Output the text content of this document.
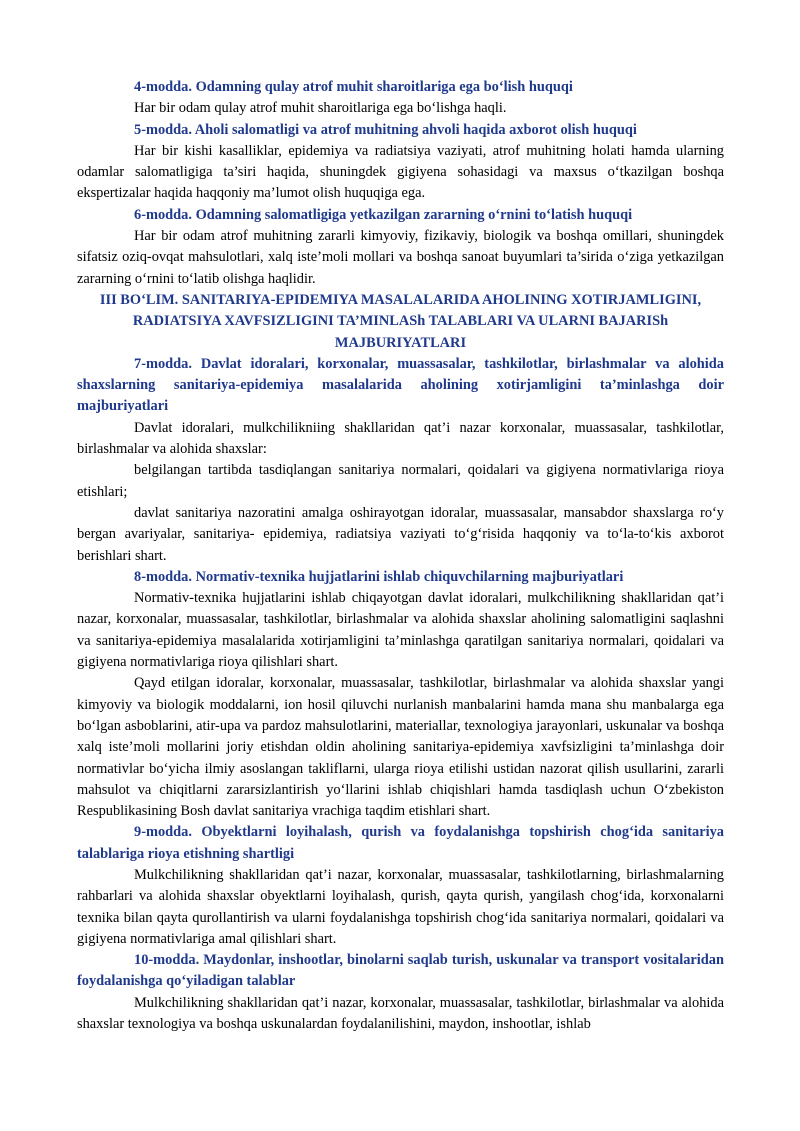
4-modda. Odamning qulay atrof muhit sharoitlariga ega bo‘lish huquqi

Har bir odam qulay atrof muhit sharoitlariga ega bo‘lishga haqli.

5-modda. Aholi salomatligi va atrof muhitning ahvoli haqida axborot olish huquqi

Har bir kishi kasalliklar, epidemiya va radiatsiya vaziyati, atrof muhitning holati hamda ularning odamlar salomatligiga ta’siri haqida, shuningdek gigiyena sohasidagi va maxsus o‘tkazilgan boshqa ekspertizalar haqida haqqoniy ma’lumot olish huquqiga ega.

6-modda. Odamning salomatligiga yetkazilgan zararning o‘rnini to‘latish huquqi

Har bir odam atrof muhitning zararli kimyoviy, fizikaviy, biologik va boshqa omillari, shuningdek sifatsiz oziq-ovqat mahsulotlari, xalq iste’moli mollari va boshqa sanoat buyumlari ta’sirida o‘ziga yetkazilgan zararning o‘rnini to‘latib olishga haqlidir.

III BO‘LIM. SANITARIYA-EPIDEMIYA MASALALARIDA AHOLINING XOTIRJAMLIGINI, RADIATSIYA XAVFSIZLIGINI TA’MINLASh TALABLARI VA ULARNI BAJARISh MAJBURIYATLARI

7-modda. Davlat idoralari, korxonalar, muassasalar, tashkilotlar, birlashmalar va alohida shaxslarning sanitariya-epidemiya masalalarida aholining xotirjamligini ta’minlashga doir majburiyatlari

Davlat idoralari, mulkchilikniing shakllaridan qat’i nazar korxonalar, muassasalar, tashkilotlar, birlashmalar va alohida shaxslar:

belgilangan tartibda tasdiqlangan sanitariya normalari, qoidalari va gigiyena normativlariga rioya etishlari;

davlat sanitariya nazoratini amalga oshirayotgan idoralar, muassasalar, mansabdor shaxslarga ro‘y bergan avariyalar, sanitariya- epidemiya, radiatsiya vaziyati to‘g‘risida haqqoniy va to‘la-to‘kis axborot berishlari shart.

8-modda. Normativ-texnika hujjatlarini ishlab chiquvchilarning majburiyatlari

Normativ-texnika hujjatlarini ishlab chiqayotgan davlat idoralari, mulkchilikning shakllaridan qat’i nazar, korxonalar, muassasalar, tashkilotlar, birlashmalar va alohida shaxslar aholining salomatligini saqlashni va sanitariya-epidemiya masalalarida xotirjamligini ta’minlashga qaratilgan sanitariya normalari, qoidalari va gigiyena normativlariga rioya qilishlari shart.

Qayd etilgan idoralar, korxonalar, muassasalar, tashkilotlar, birlashmalar va alohida shaxslar yangi kimyoviy va biologik moddalarni, ion hosil qiluvchi nurlanish manbalarini hamda mana shu manbalarga ega bo‘lgan asboblarini, atir-upa va pardoz mahsulotlarini, materiallar, texnologiya jarayonlari, uskunalar va boshqa xalq iste’moli mollarini joriy etishdan oldin aholining sanitariya-epidemiya xavfsizligini ta’minlashga doir normativlar bo‘yicha ilmiy asoslangan takliflarni, ularga rioya etilishi ustidan nazorat qilish usullarini, zararli mahsulot va chiqitlarni zararsizlantirish yo‘llarini ishlab chiqishlari hamda tasdiqlash uchun O‘zbekiston Respublikasining Bosh davlat sanitariya vrachiga taqdim etishlari shart.

9-modda. Obyektlarni loyihalash, qurish va foydalanishga topshirish chog‘ida sanitariya talablariga rioya etishning shartligi

Mulkchilikning shakllaridan qat’i nazar, korxonalar, muassasalar, tashkilotlarning, birlashmalarning rahbarlari va alohida shaxslar obyektlarni loyihalash, qurish, qayta qurish, yangilash chog‘ida, korxonalarni texnika bilan qayta qurollantirish va ularni foydalanishga topshirish chog‘ida sanitariya normalari, qoidalari va gigiyena normativlariga amal qilishlari shart.

10-modda. Maydonlar, inshootlar, binolarni saqlab turish, uskunalar va transport vositalaridan foydalanishga qo‘yiladigan talablar

Mulkchilikning shakllaridan qat’i nazar, korxonalar, muassasalar, tashkilotlar, birlashmalar va alohida shaxslar texnologiya va boshqa uskunalardan foydalanilishini, maydon, inshootlar, ishlab
